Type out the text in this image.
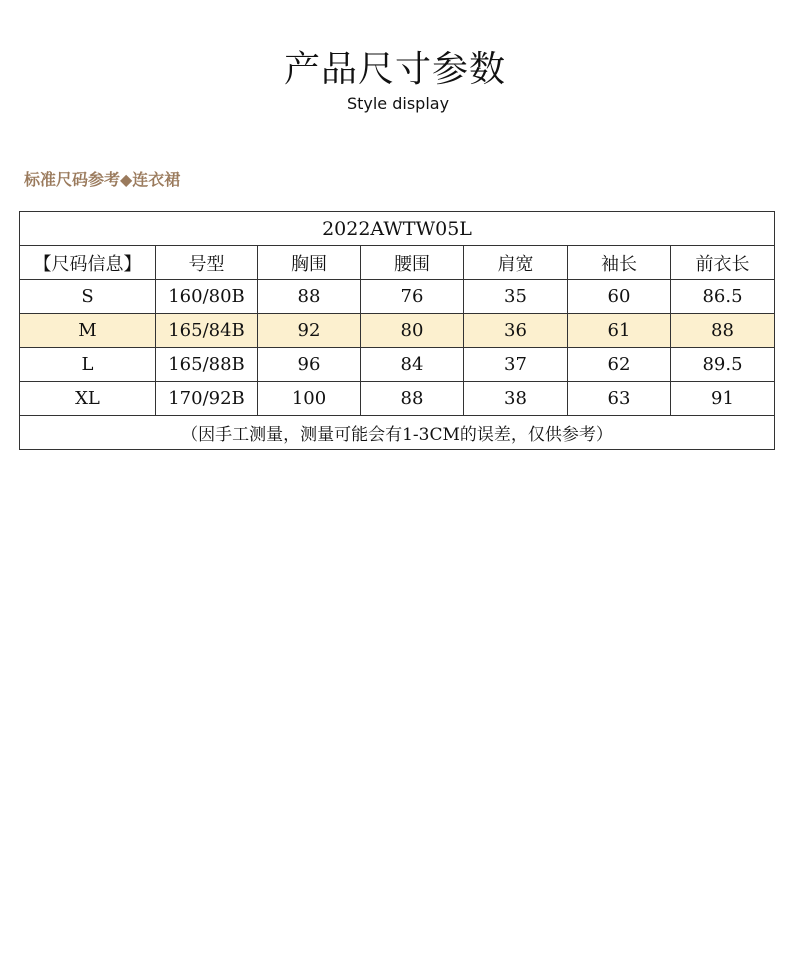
产品尺寸参数
Style display
标准尺码参考◆连衣裙
2022AWTW05L						
【尺码信息】	号型	胸围	腰围	肩宽	袖长	前衣长
S	160/80B	88	76	35	60	86.5
M	165/84B	92	80	36	61	88
L	165/88B	96	84	37	62	89.5
XL	170/92B	100	88	38	63	91
（因手工测量，测量可能会有1-3CM的误差，仅供参考）						
